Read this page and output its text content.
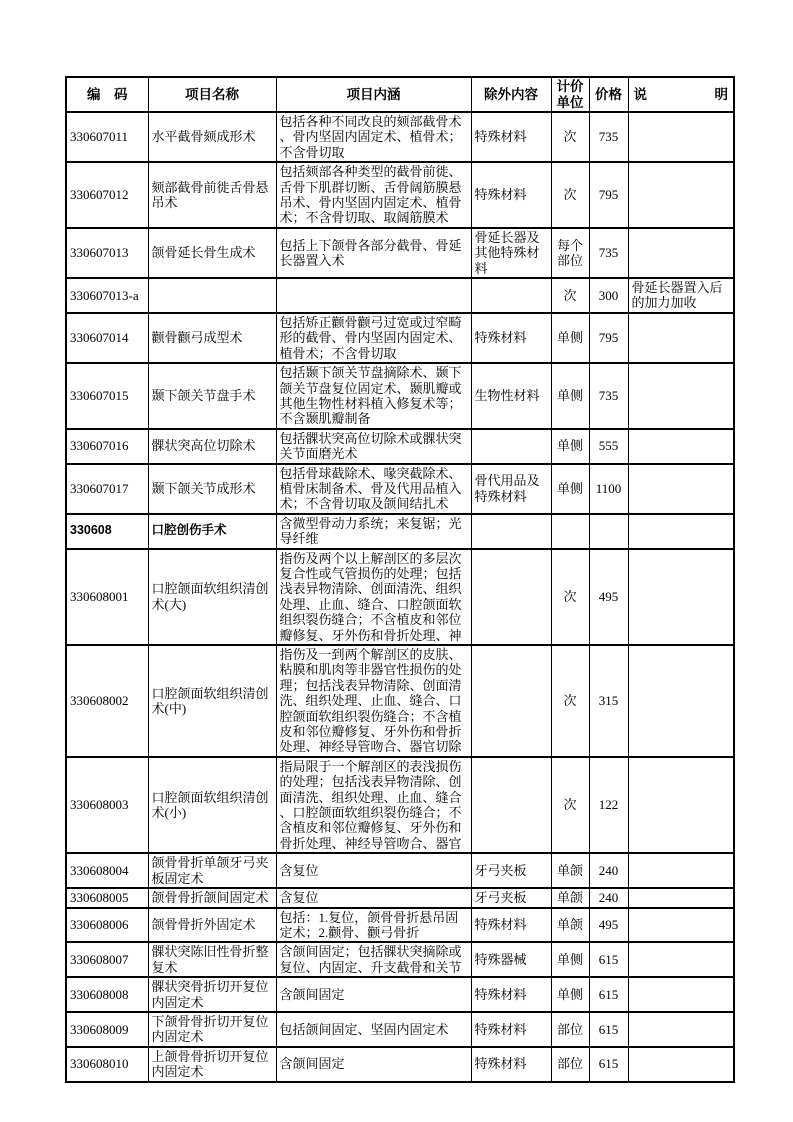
编　码	项目名称	项目内涵	除外内容	计价单位	价格	说　明
330607011	水平截骨颏成形术	包括各种不同改良的颏部截骨术、骨内坚固内固定术、植骨术；不含骨切取	特殊材料	次	735	
330607012	颏部截骨前徙舌骨悬吊术	包括颏部各种类型的截骨前徙、舌骨下肌群切断、舌骨阔筋膜悬吊术、骨内坚固内固定术、植骨术；不含骨切取、取阔筋膜术	特殊材料	次	795	
330607013	颌骨延长骨生成术	包括上下颌骨各部分截骨、骨延长器置入术	骨延长器及其他特殊材料	每个部位	735	
330607013-a				次	300	骨延长器置入后的加力加收
330607014	颧骨颧弓成型术	包括矫正颧骨颧弓过宽或过窄畸形的截骨、骨内坚固内固定术、植骨术；不含骨切取	特殊材料	单侧	795	
330607015	颞下颌关节盘手术	包括颞下颌关节盘摘除术、颞下颌关节盘复位固定术、颞肌瓣或其他生物性材料植入修复术等；不含颞肌瓣制备	生物性材料	单侧	735	
330607016	髁状突高位切除术	包括髁状突高位切除术或髁状突关节面磨光术		单侧	555	
330607017	颞下颌关节成形术	包括骨球截除术、喙突截除术、植骨床制备术、骨及代用品植入术；不含骨切取及颌间结扎术	骨代用品及特殊材料	单侧	1100	
330608	口腔创伤手术	含微型骨动力系统；来复锯；光导纤维				
330608001	口腔颌面软组织清创术(大)	指伤及两个以上解剖区的多层次复合性或气管损伤的处理；包括浅表异物清除、创面清洗、组织处理、止血、缝合、口腔颌面软组织裂伤缝合；不含植皮和邻位瓣修复、牙外伤和骨折处理、神		次	495	
330608002	口腔颌面软组织清创术(中)	指伤及一到两个解剖区的皮肤、粘膜和肌肉等非器官性损伤的处理；包括浅表异物清除、创面清洗、组织处理、止血、缝合、口腔颌面软组织裂伤缝合；不含植皮和邻位瓣修复、牙外伤和骨折处理、神经导管吻合、器官切除		次	315	
330608003	口腔颌面软组织清创术(小)	指局限于一个解剖区的表浅损伤的处理；包括浅表异物清除、创面清洗、组织处理、止血、缝合、口腔颌面软组织裂伤缝合；不含植皮和邻位瓣修复、牙外伤和骨折处理、神经导管吻合、器官		次	122	
330608004	颌骨骨折单颌牙弓夹板固定术	含复位	牙弓夹板	单颌	240	
330608005	颌骨骨折颌间固定术	含复位	牙弓夹板	单颌	240	
330608006	颌骨骨折外固定术	包括：1.复位，颌骨骨折悬吊固定术；2.颧骨、颧弓骨折	特殊材料	单颌	495	
330608007	髁状突陈旧性骨折整复术	含颌间固定；包括髁状突摘除或复位、内固定、升支截骨和关节	特殊器械	单侧	615	
330608008	髁状突骨折切开复位内固定术	含颌间固定	特殊材料	单侧	615	
330608009	下颌骨骨折切开复位内固定术	包括颌间固定、坚固内固定术	特殊材料	部位	615	
330608010	上颌骨骨折切开复位内固定术	含颌间固定	特殊材料	部位	615	
